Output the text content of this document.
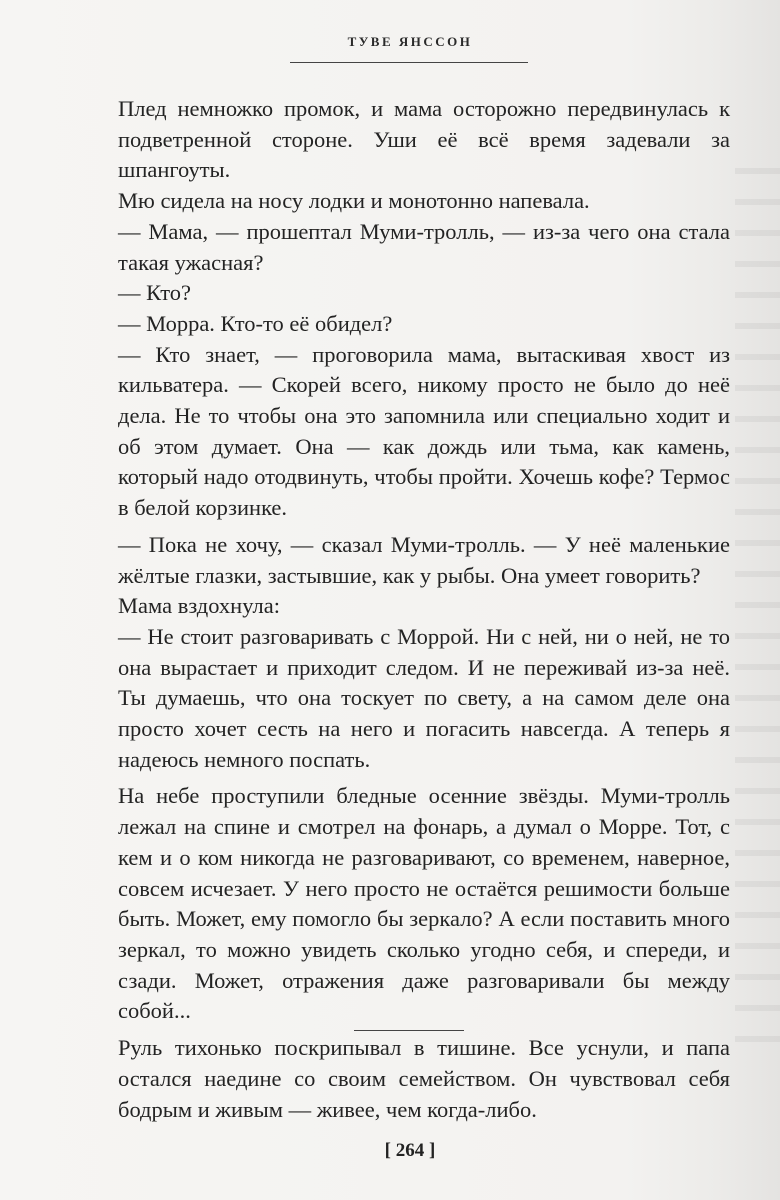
ТУВЕ ЯНССОН

Плед немножко промок, и мама осторожно передвинулась к подветренной стороне. Уши её всё время задевали за шпангоуты.

Мю сидела на носу лодки и монотонно напевала.

— Мама, — прошептал Муми-тролль, — из-за чего она стала такая ужасная?

— Кто?

— Морра. Кто-то её обидел?

— Кто знает, — проговорила мама, вытаскивая хвост из кильватера. — Скорей всего, никому просто не было до неё дела. Не то чтобы она это запомнила или специально ходит и об этом думает. Она — как дождь или тьма, как камень, который надо отодвинуть, чтобы пройти. Хочешь кофе? Термос в белой корзинке.

— Пока не хочу, — сказал Муми-тролль. — У неё маленькие жёлтые глазки, застывшие, как у рыбы. Она умеет говорить?

Мама вздохнула:

— Не стоит разговаривать с Моррой. Ни с ней, ни о ней, не то она вырастает и приходит следом. И не переживай из-за неё. Ты думаешь, что она тоскует по свету, а на самом деле она просто хочет сесть на него и погасить навсегда. А теперь я надеюсь немного поспать.

На небе проступили бледные осенние звёзды. Муми-тролль лежал на спине и смотрел на фонарь, а думал о Морре. Тот, с кем и о ком никогда не разговаривают, со временем, наверное, совсем исчезает. У него просто не остаётся решимости больше быть. Может, ему помогло бы зеркало? А если поставить много зеркал, то можно увидеть сколько угодно себя, и спереди, и сзади. Может, отражения даже разговаривали бы между собой...

Руль тихонько поскрипывал в тишине. Все уснули, и папа остался наедине со своим семейством. Он чувствовал себя бодрым и живым — живее, чем когда-либо.

[ 264 ]
